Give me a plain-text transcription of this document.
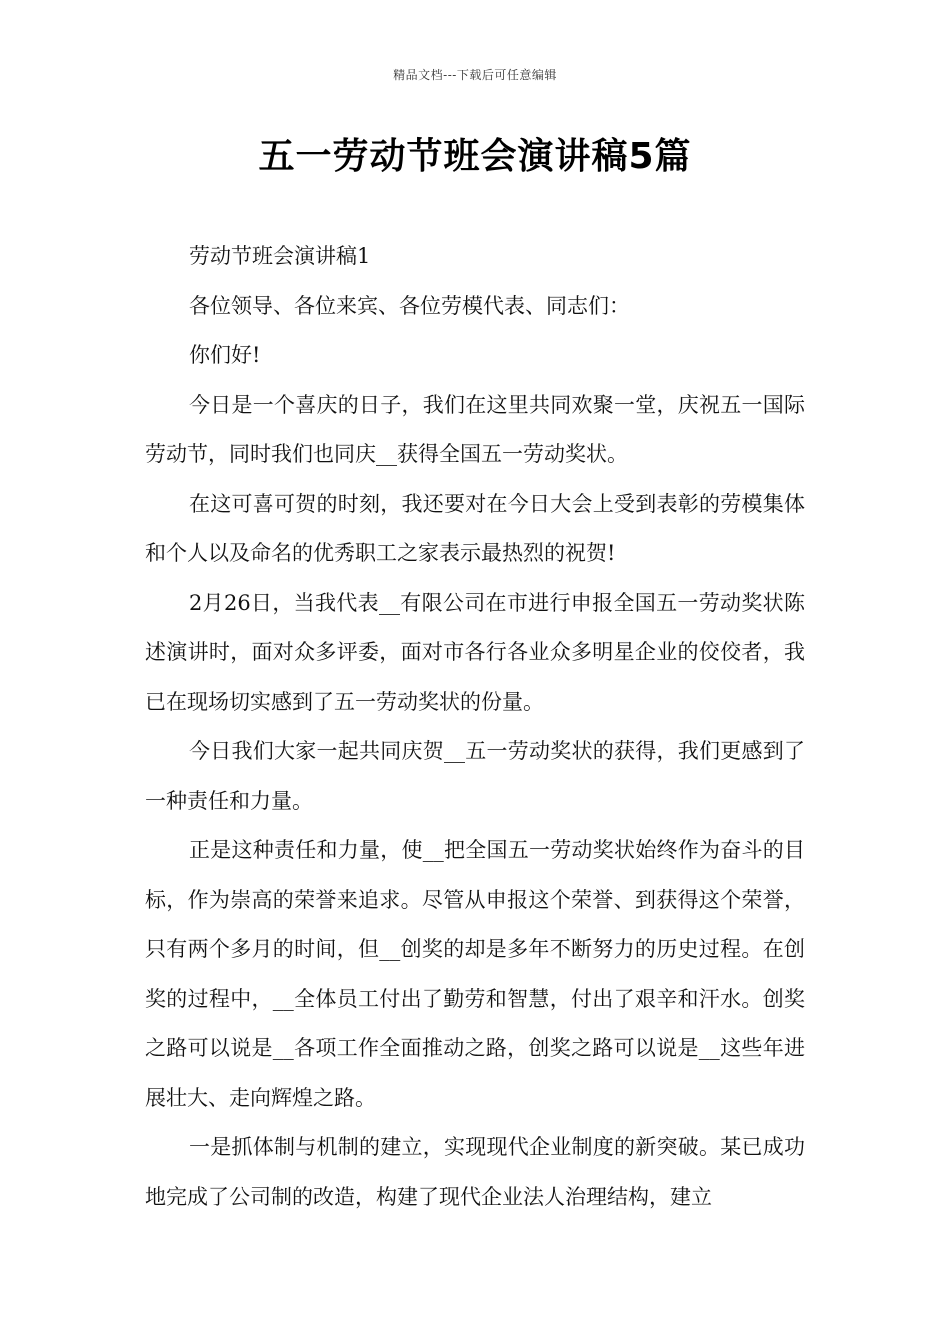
精品文档---下载后可任意编辑
五一劳动节班会演讲稿5篇

劳动节班会演讲稿1

各位领导、各位来宾、各位劳模代表、同志们：

你们好!

今日是一个喜庆的日子，我们在这里共同欢聚一堂，庆祝五一国际劳动节，同时我们也同庆__获得全国五一劳动奖状。

在这可喜可贺的时刻，我还要对在今日大会上受到表彰的劳模集体和个人以及命名的优秀职工之家表示最热烈的祝贺!

2月26日，当我代表__有限公司在市进行申报全国五一劳动奖状陈述演讲时，面对众多评委，面对市各行各业众多明星企业的佼佼者，我已在现场切实感到了五一劳动奖状的份量。

今日我们大家一起共同庆贺__五一劳动奖状的获得，我们更感到了一种责任和力量。

正是这种责任和力量，使__把全国五一劳动奖状始终作为奋斗的目标，作为崇高的荣誉来追求。尽管从申报这个荣誉、到获得这个荣誉，只有两个多月的时间，但__创奖的却是多年不断努力的历史过程。在创奖的过程中，__全体员工付出了勤劳和智慧，付出了艰辛和汗水。创奖之路可以说是__各项工作全面推动之路，创奖之路可以说是__这些年进展壮大、走向辉煌之路。

一是抓体制与机制的建立，实现现代企业制度的新突破。某已成功地完成了公司制的改造，构建了现代企业法人治理结构，建立
